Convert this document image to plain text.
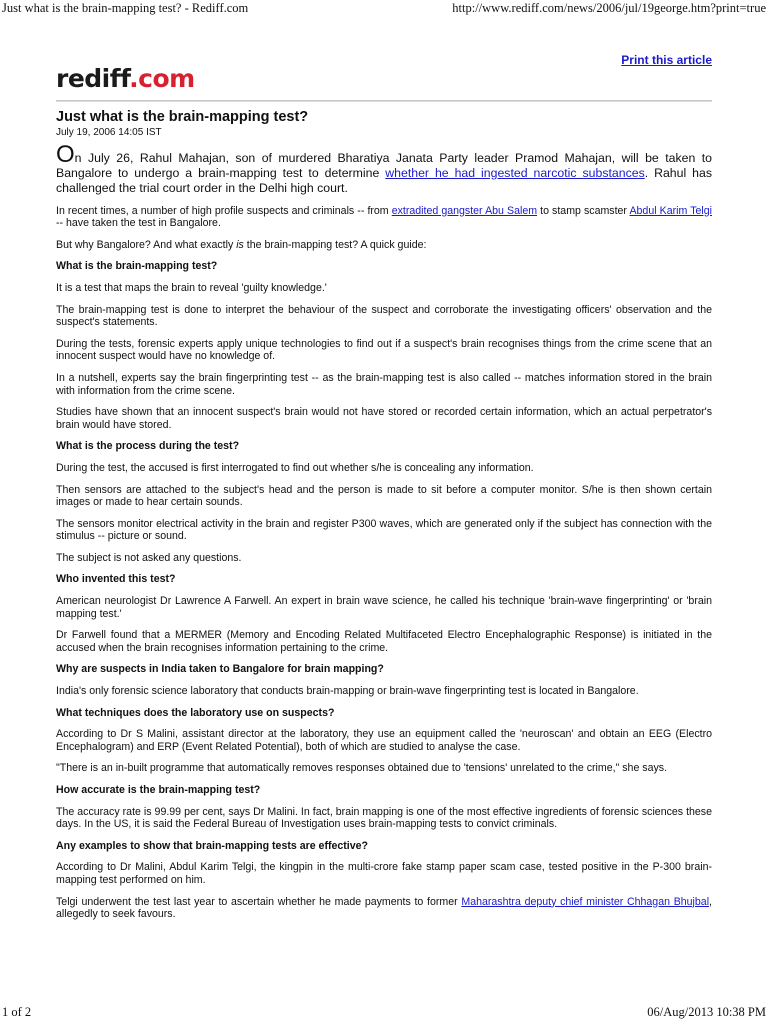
Just what is the brain-mapping test? - Rediff.com	http://www.rediff.com/news/2006/jul/19george.htm?print=true
Print this article
rediff.com
Just what is the brain-mapping test?
July 19, 2006 14:05 IST

On July 26, Rahul Mahajan, son of murdered Bharatiya Janata Party leader Pramod Mahajan, will be taken to Bangalore to undergo a brain-mapping test to determine whether he had ingested narcotic substances. Rahul has challenged the trial court order in the Delhi high court.

In recent times, a number of high profile suspects and criminals -- from extradited gangster Abu Salem to stamp scamster Abdul Karim Telgi -- have taken the test in Bangalore.

But why Bangalore? And what exactly is the brain-mapping test? A quick guide:

What is the brain-mapping test?

It is a test that maps the brain to reveal 'guilty knowledge.'

The brain-mapping test is done to interpret the behaviour of the suspect and corroborate the investigating officers' observation and the suspect's statements.

During the tests, forensic experts apply unique technologies to find out if a suspect's brain recognises things from the crime scene that an innocent suspect would have no knowledge of.

In a nutshell, experts say the brain fingerprinting test -- as the brain-mapping test is also called -- matches information stored in the brain with information from the crime scene.

Studies have shown that an innocent suspect's brain would not have stored or recorded certain information, which an actual perpetrator's brain would have stored.

What is the process during the test?

During the test, the accused is first interrogated to find out whether s/he is concealing any information.

Then sensors are attached to the subject's head and the person is made to sit before a computer monitor. S/he is then shown certain images or made to hear certain sounds.

The sensors monitor electrical activity in the brain and register P300 waves, which are generated only if the subject has connection with the stimulus -- picture or sound.

The subject is not asked any questions.

Who invented this test?

American neurologist Dr Lawrence A Farwell. An expert in brain wave science, he called his technique 'brain-wave fingerprinting' or 'brain mapping test.'

Dr Farwell found that a MERMER (Memory and Encoding Related Multifaceted Electro Encephalographic Response) is initiated in the accused when the brain recognises information pertaining to the crime.

Why are suspects in India taken to Bangalore for brain mapping?

India's only forensic science laboratory that conducts brain-mapping or brain-wave fingerprinting test is located in Bangalore.

What techniques does the laboratory use on suspects?

According to Dr S Malini, assistant director at the laboratory, they use an equipment called the 'neuroscan' and obtain an EEG (Electro Encephalogram) and ERP (Event Related Potential), both of which are studied to analyse the case.

"There is an in-built programme that automatically removes responses obtained due to 'tensions' unrelated to the crime," she says.

How accurate is the brain-mapping test?

The accuracy rate is 99.99 per cent, says Dr Malini. In fact, brain mapping is one of the most effective ingredients of forensic sciences these days. In the US, it is said the Federal Bureau of Investigation uses brain-mapping tests to convict criminals.

Any examples to show that brain-mapping tests are effective?

According to Dr Malini, Abdul Karim Telgi, the kingpin in the multi-crore fake stamp paper scam case, tested positive in the P-300 brain-mapping test performed on him.

Telgi underwent the test last year to ascertain whether he made payments to former Maharashtra deputy chief minister Chhagan Bhujbal, allegedly to seek favours.

1 of 2	06/Aug/2013 10:38 PM
